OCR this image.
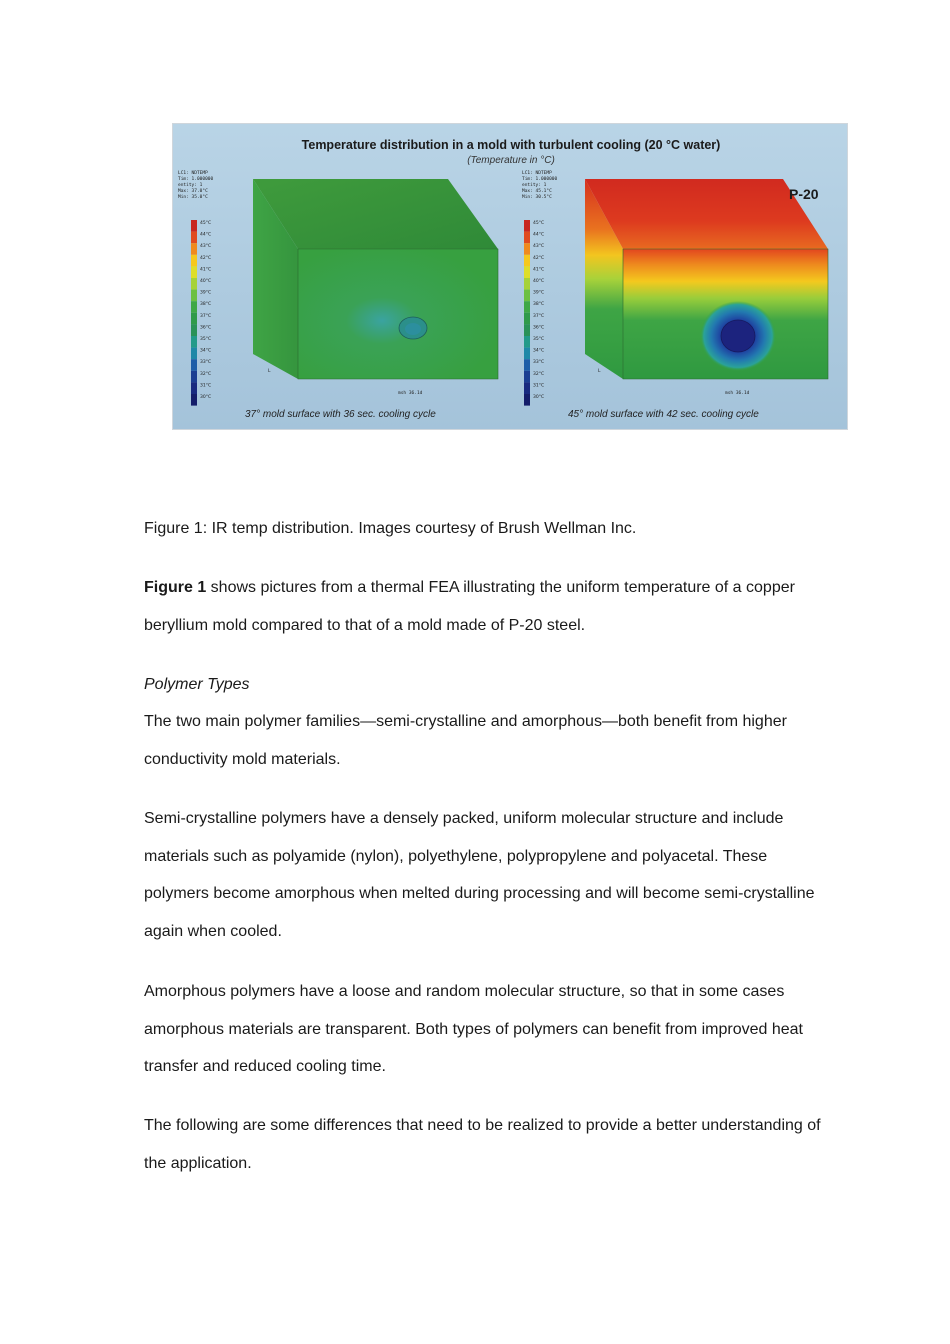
Temperature distribution in a mold with turbulent cooling (20 °C water)
(Temperature in °C)
LC1: NDTEMP
Tim: 1.000000
entity: 1
Max: 37.0°C
Min: 35.0°C
45°C
44°C
43°C
42°C
41°C
40°C
39°C
38°C
37°C
36°C
35°C
34°C
33°C
32°C
31°C
30°C
L
msh 36.1d
37° mold surface with 36 sec. cooling cycle
LC1: NDTEMP
Tim: 1.000000
entity: 1
Max: 45.1°C
Min: 30.5°C
45°C
44°C
43°C
42°C
41°C
40°C
39°C
38°C
37°C
36°C
35°C
34°C
33°C
32°C
31°C
30°C
P-20
L
msh 36.1d
45° mold surface with 42 sec. cooling cycle

Figure 1: IR temp distribution. Images courtesy of Brush Wellman Inc.

Figure 1 shows pictures from a thermal FEA illustrating the uniform temperature of a copper beryllium mold compared to that of a mold made of P-20 steel.

Polymer Types

The two main polymer families—semi-crystalline and amorphous—both benefit from higher conductivity mold materials.

Semi-crystalline polymers have a densely packed, uniform molecular structure and include materials such as polyamide (nylon), polyethylene, polypropylene and polyacetal. These polymers become amorphous when melted during processing and will become semi-crystalline again when cooled.

Amorphous polymers have a loose and random molecular structure, so that in some cases amorphous materials are transparent. Both types of polymers can benefit from improved heat transfer and reduced cooling time.

The following are some differences that need to be realized to provide a better understanding of the application.
